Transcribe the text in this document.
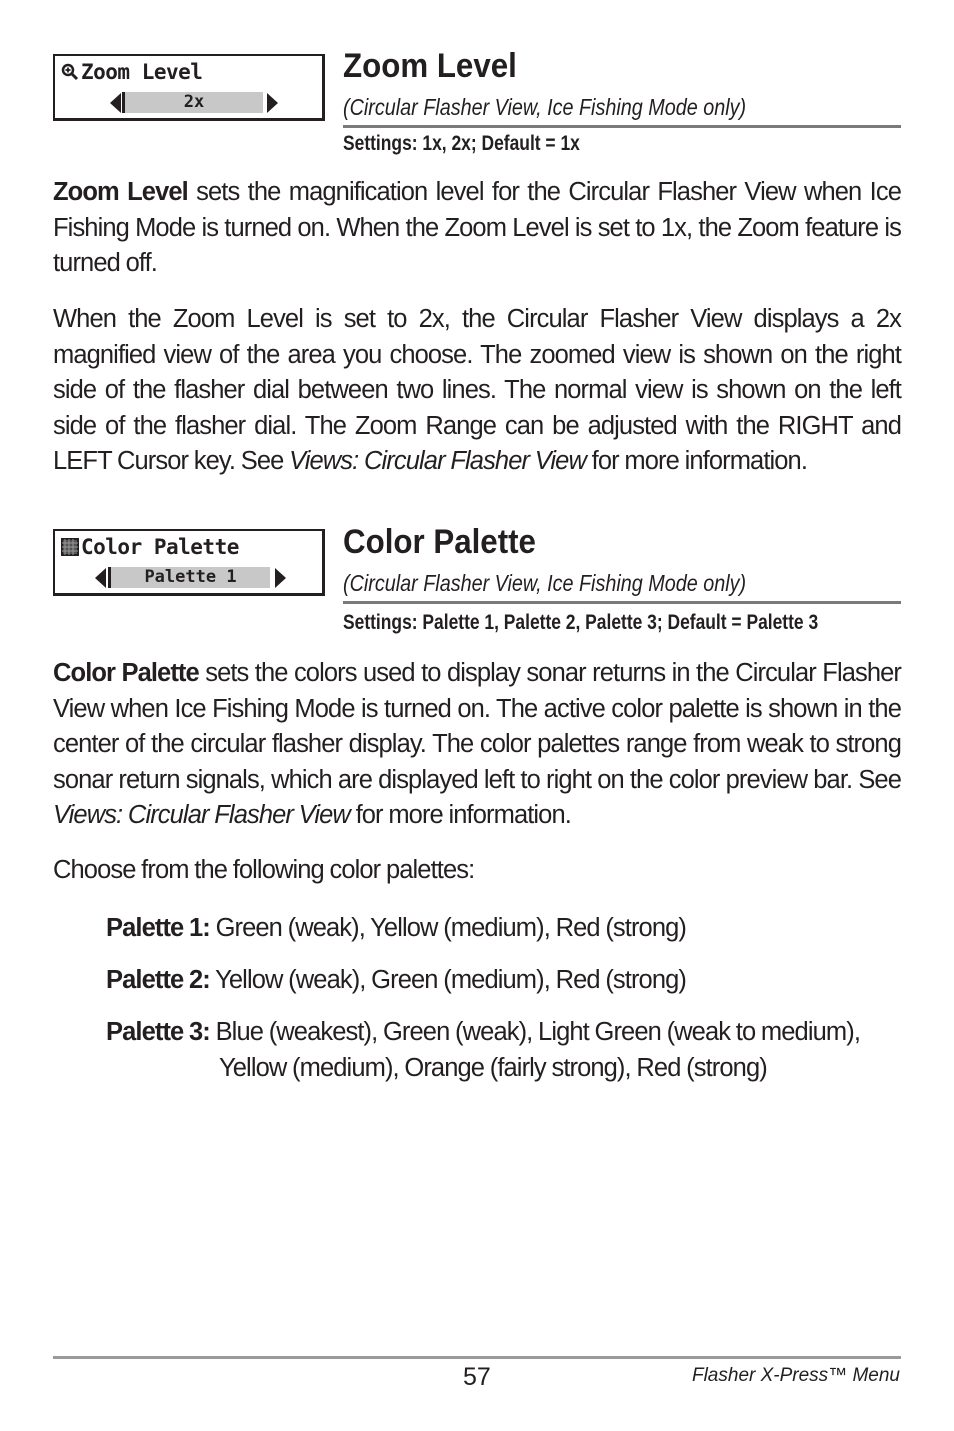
Zoom Level
2x
Zoom Level
(Circular Flasher View, Ice Fishing Mode only)
Settings: 1x, 2x; Default = 1x

Zoom Level sets the magnification level for the Circular Flasher View when Ice Fishing Mode is turned on. When the Zoom Level is set to 1x, the Zoom feature is turned off.

When the Zoom Level is set to 2x, the Circular Flasher View displays a 2x magnified view of the area you choose. The zoomed view is shown on the right side of the flasher dial between two lines. The normal view is shown on the left side of the flasher dial. The Zoom Range can be adjusted with the RIGHT and LEFT Cursor key. See Views: Circular Flasher View for more information.

Color Palette
Palette 1
Color Palette
(Circular Flasher View, Ice Fishing Mode only)
Settings: Palette 1, Palette 2, Palette 3; Default = Palette 3

Color Palette sets the colors used to display sonar returns in the Circular Flasher View when Ice Fishing Mode is turned on. The active color palette is shown in the center of the circular flasher display. The color palettes range from weak to strong sonar return signals, which are displayed left to right on the color preview bar. See Views: Circular Flasher View for more information.

Choose from the following color palettes:

Palette 1: Green (weak), Yellow (medium), Red (strong)
Palette 2: Yellow (weak), Green (medium), Red (strong)
Palette 3: Blue (weakest), Green (weak), Light Green (weak to medium),
Yellow (medium), Orange (fairly strong), Red (strong)
57	Flasher X-Press™ Menu
